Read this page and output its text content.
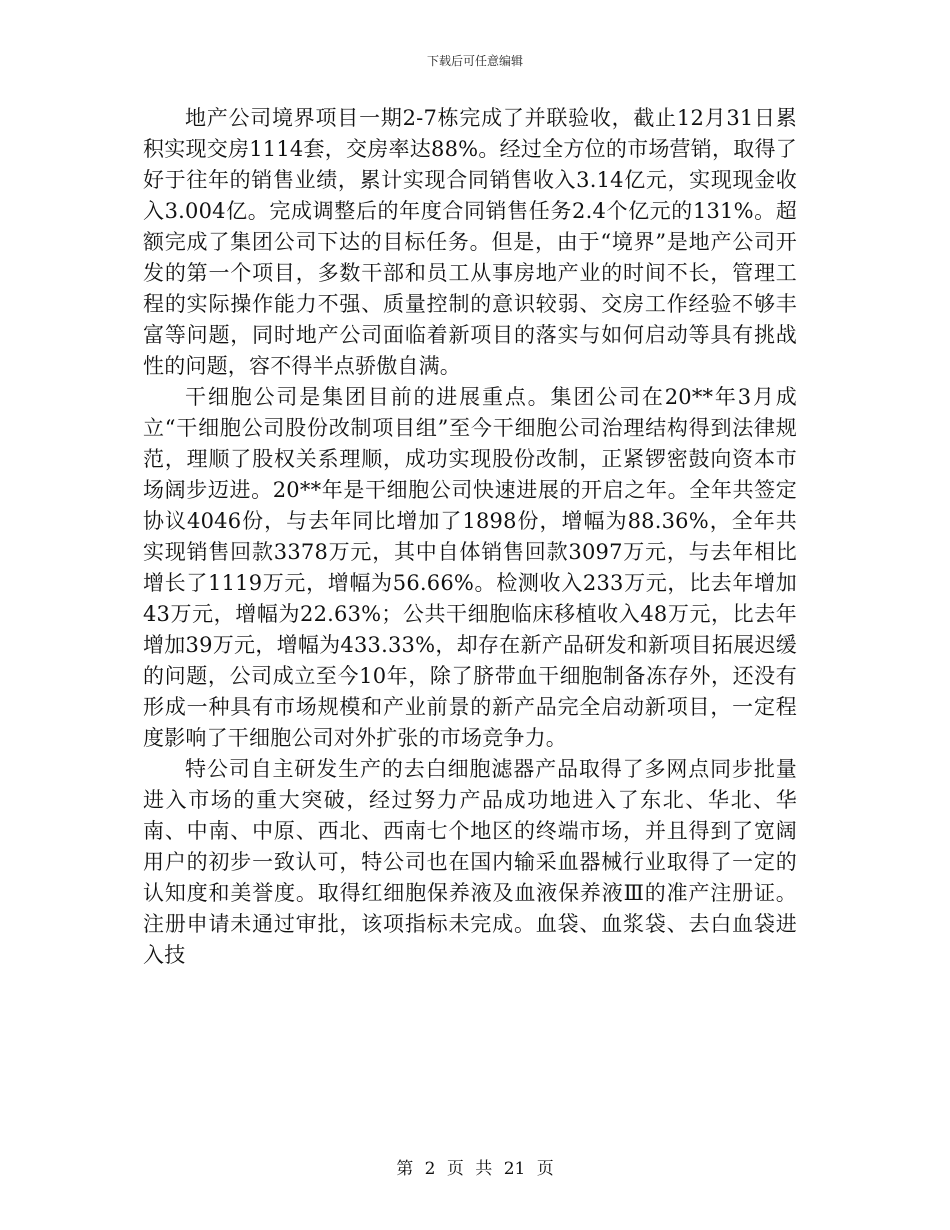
下载后可任意编辑

地产公司境界项目一期2-7栋完成了并联验收，截止12月31日累积实现交房1114套，交房率达88%。经过全方位的市场营销，取得了好于往年的销售业绩，累计实现合同销售收入3.14亿元，实现现金收入3.004亿。完成调整后的年度合同销售任务2.4个亿元的131%。超额完成了集团公司下达的目标任务。但是，由于“境界”是地产公司开发的第一个项目，多数干部和员工从事房地产业的时间不长，管理工程的实际操作能力不强、质量控制的意识较弱、交房工作经验不够丰富等问题，同时地产公司面临着新项目的落实与如何启动等具有挑战性的问题，容不得半点骄傲自满。

干细胞公司是集团目前的进展重点。集团公司在20**年3月成立“干细胞公司股份改制项目组”至今干细胞公司治理结构得到法律规范，理顺了股权关系理顺，成功实现股份改制，正紧锣密鼓向资本市场阔步迈进。20**年是干细胞公司快速进展的开启之年。全年共签定协议4046份，与去年同比增加了1898份，增幅为88.36%，全年共实现销售回款3378万元，其中自体销售回款3097万元，与去年相比增长了1119万元，增幅为56.66%。检测收入233万元，比去年增加43万元，增幅为22.63%；公共干细胞临床移植收入48万元，比去年增加39万元，增幅为433.33%，却存在新产品研发和新项目拓展迟缓的问题，公司成立至今10年，除了脐带血干细胞制备冻存外，还没有形成一种具有市场规模和产业前景的新产品完全启动新项目，一定程度影响了干细胞公司对外扩张的市场竞争力。

特公司自主研发生产的去白细胞滤器产品取得了多网点同步批量进入市场的重大突破，经过努力产品成功地进入了东北、华北、华南、中南、中原、西北、西南七个地区的终端市场，并且得到了宽阔用户的初步一致认可，特公司也在国内输采血器械行业取得了一定的认知度和美誉度。取得红细胞保养液及血液保养液Ⅲ的准产注册证。注册申请未通过审批，该项指标未完成。血袋、血浆袋、去白血袋进入技

第 2 页 共 21 页
